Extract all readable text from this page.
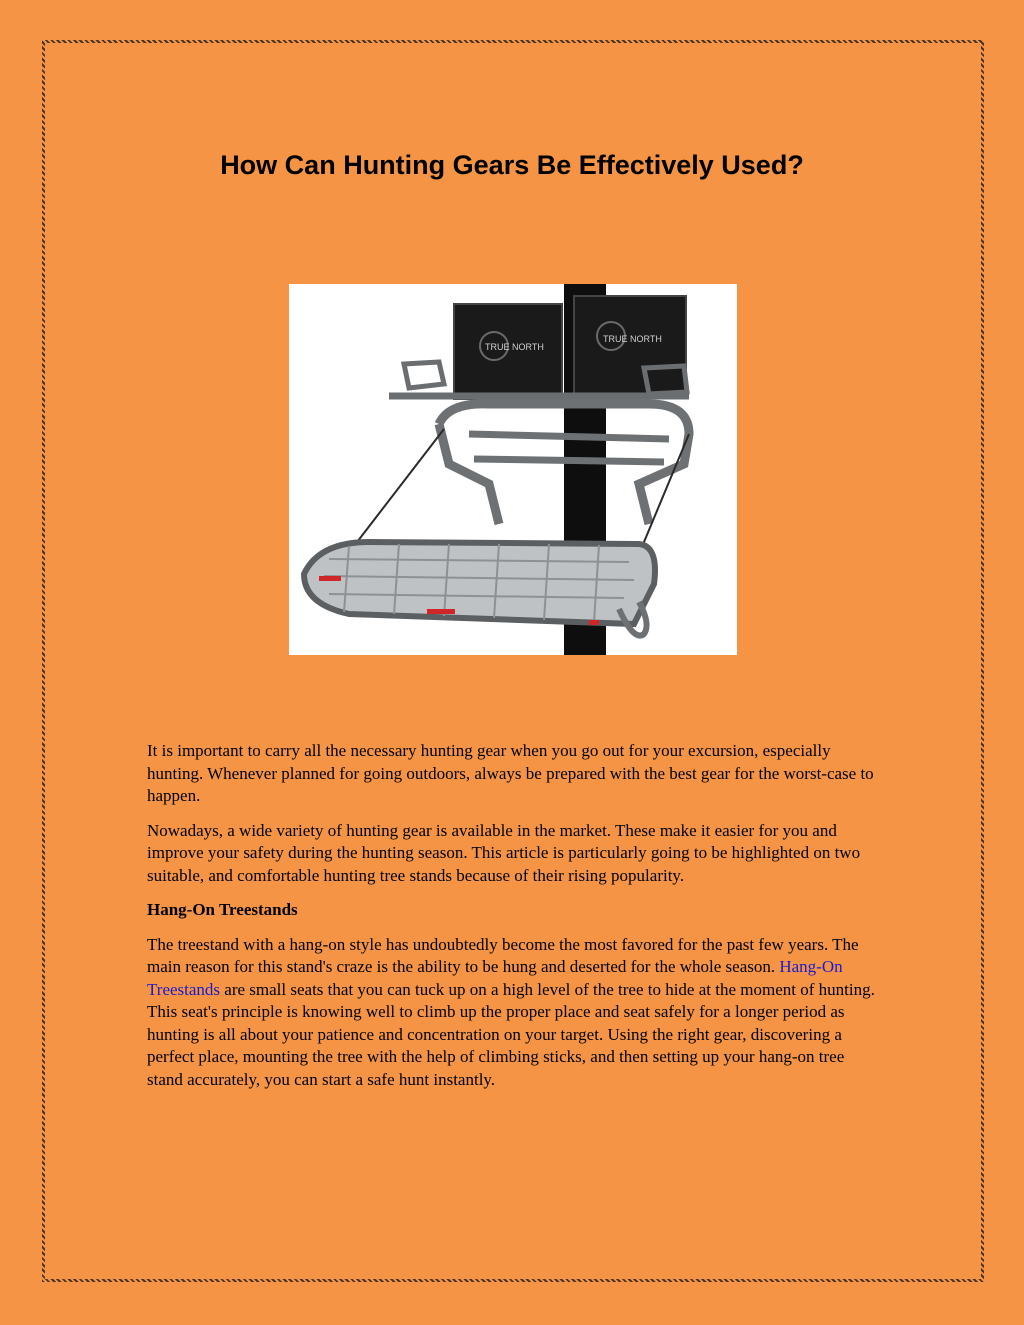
How Can Hunting Gears Be Effectively Used?
TRUE NORTH
TRUE NORTH

It is important to carry all the necessary hunting gear when you go out for your excursion, especially hunting. Whenever planned for going outdoors, always be prepared with the best gear for the worst-case to happen.

Nowadays, a wide variety of hunting gear is available in the market. These make it easier for you and improve your safety during the hunting season. This article is particularly going to be highlighted on two suitable, and comfortable hunting tree stands because of their rising popularity.

Hang-On Treestands

The treestand with a hang-on style has undoubtedly become the most favored for the past few years. The main reason for this stand's craze is the ability to be hung and deserted for the whole season. Hang-On Treestands are small seats that you can tuck up on a high level of the tree to hide at the moment of hunting. This seat's principle is knowing well to climb up the proper place and seat safely for a longer period as hunting is all about your patience and concentration on your target. Using the right gear, discovering a perfect place, mounting the tree with the help of climbing sticks, and then setting up your hang-on tree stand accurately, you can start a safe hunt instantly.
